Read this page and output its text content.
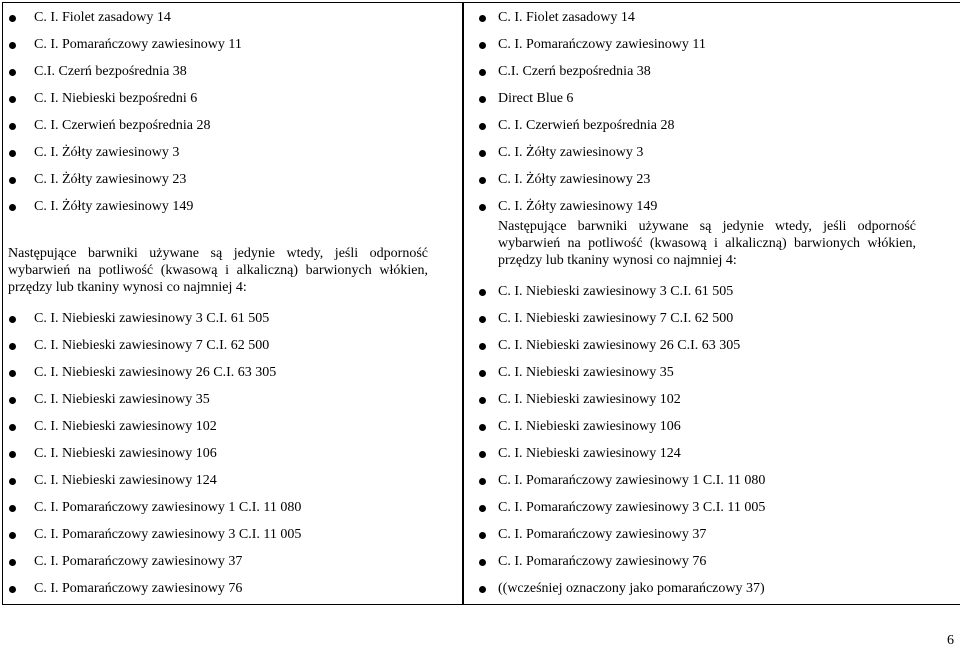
C. I. Fiolet zasadowy 14
C. I. Pomarańczowy zawiesinowy 11
C.I. Czerń bezpośrednia 38
C. I. Niebieski bezpośredni 6
C. I. Czerwień bezpośrednia 28
C. I. Żółty zawiesinowy 3
C. I. Żółty zawiesinowy 23
C. I. Żółty zawiesinowy 149
Następujące barwniki używane są jedynie wtedy, jeśli odporność wybarwień na potliwość (kwasową i alkaliczną) barwionych włókien, przędzy lub tkaniny wynosi co najmniej 4:
C. I. Niebieski zawiesinowy 3 C.I. 61 505
C. I. Niebieski zawiesinowy 7 C.I. 62 500
C. I. Niebieski zawiesinowy 26 C.I. 63 305
C. I. Niebieski zawiesinowy 35
C. I. Niebieski zawiesinowy 102
C. I. Niebieski zawiesinowy 106
C. I. Niebieski zawiesinowy 124
C. I. Pomarańczowy zawiesinowy 1 C.I. 11 080
C. I. Pomarańczowy zawiesinowy 3 C.I. 11 005
C. I. Pomarańczowy zawiesinowy 37
C. I. Pomarańczowy zawiesinowy 76
C. I. Fiolet zasadowy 14
C. I. Pomarańczowy zawiesinowy 11
C.I. Czerń bezpośrednia 38
Direct Blue 6
C. I. Czerwień bezpośrednia 28
C. I. Żółty zawiesinowy 3
C. I. Żółty zawiesinowy 23
C. I. Żółty zawiesinowy 149
Następujące barwniki używane są jedynie wtedy, jeśli odporność wybarwień na potliwość (kwasową i alkaliczną) barwionych włókien, przędzy lub tkaniny wynosi co najmniej 4:
C. I. Niebieski zawiesinowy 3 C.I. 61 505
C. I. Niebieski zawiesinowy 7 C.I. 62 500
C. I. Niebieski zawiesinowy 26 C.I. 63 305
C. I. Niebieski zawiesinowy 35
C. I. Niebieski zawiesinowy 102
C. I. Niebieski zawiesinowy 106
C. I. Niebieski zawiesinowy 124
C. I. Pomarańczowy zawiesinowy 1 C.I. 11 080
C. I. Pomarańczowy zawiesinowy 3 C.I. 11 005
C. I. Pomarańczowy zawiesinowy 37
C. I. Pomarańczowy zawiesinowy 76
((wcześniej oznaczony jako pomarańczowy 37)
6
